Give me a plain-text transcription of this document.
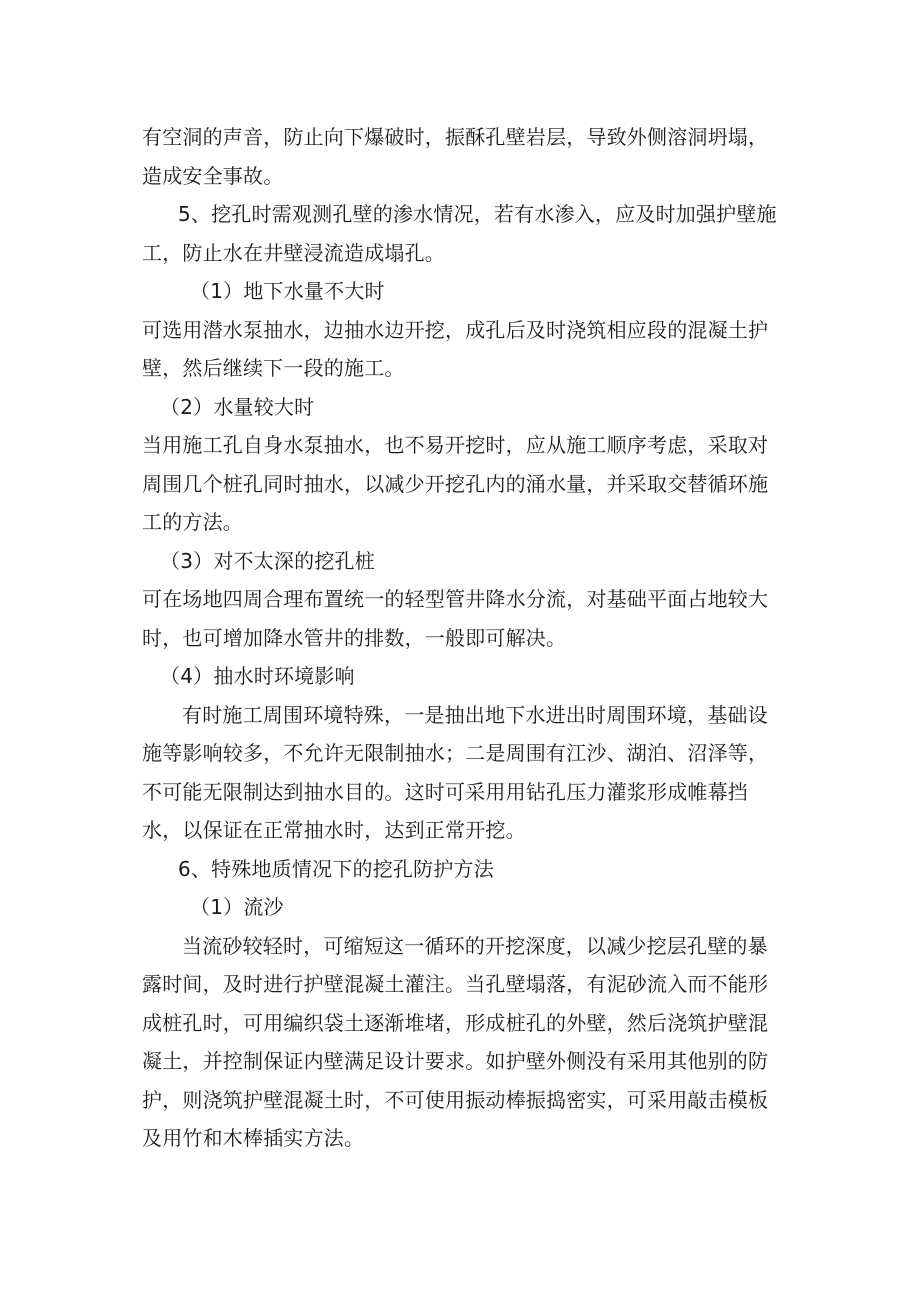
有空洞的声音，防止向下爆破时，振酥孔壁岩层，导致外侧溶洞坍塌，造成安全事故。

5、挖孔时需观测孔壁的渗水情况，若有水渗入，应及时加强护壁施工，防止水在井壁浸流造成塌孔。

（1）地下水量不大时

可选用潜水泵抽水，边抽水边开挖，成孔后及时浇筑相应段的混凝土护壁，然后继续下一段的施工。

（2）水量较大时

当用施工孔自身水泵抽水，也不易开挖时，应从施工顺序考虑，采取对周围几个桩孔同时抽水，以减少开挖孔内的涌水量，并采取交替循环施工的方法。

（3）对不太深的挖孔桩

可在场地四周合理布置统一的轻型管井降水分流，对基础平面占地较大时，也可增加降水管井的排数，一般即可解决。

（4）抽水时环境影响

有时施工周围环境特殊，一是抽出地下水进出时周围环境，基础设施等影响较多，不允许无限制抽水；二是周围有江沙、湖泊、沼泽等，不可能无限制达到抽水目的。这时可采用用钻孔压力灌浆形成帷幕挡水，以保证在正常抽水时，达到正常开挖。

6、特殊地质情况下的挖孔防护方法

（1）流沙

当流砂较轻时，可缩短这一循环的开挖深度，以减少挖层孔壁的暴露时间，及时进行护壁混凝土灌注。当孔壁塌落，有泥砂流入而不能形成桩孔时，可用编织袋土逐渐堆堵，形成桩孔的外壁，然后浇筑护壁混凝土，并控制保证内壁满足设计要求。如护壁外侧没有采用其他别的防护，则浇筑护壁混凝土时，不可使用振动棒振捣密实，可采用敲击模板及用竹和木棒插实方法。
